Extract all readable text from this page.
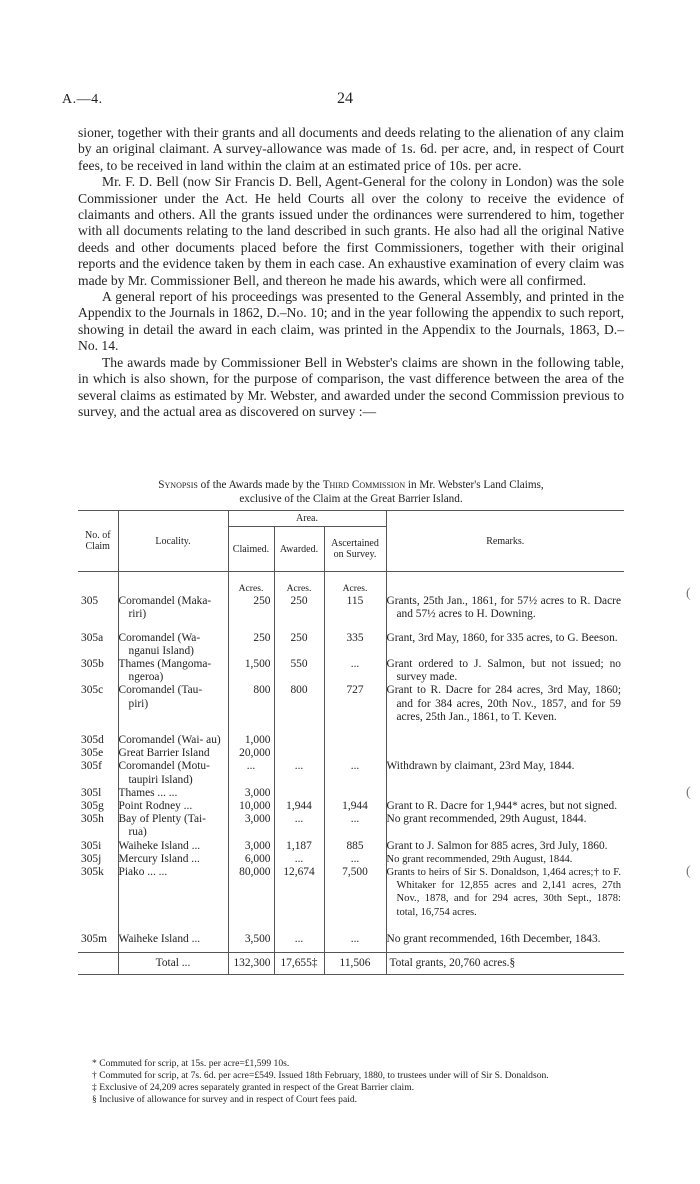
A.—4.	24

sioner, together with their grants and all documents and deeds relating to the alienation of any claim by an original claimant. A survey-allowance was made of 1s. 6d. per acre, and, in respect of Court fees, to be received in land within the claim at an estimated price of 10s. per acre.

Mr. F. D. Bell (now Sir Francis D. Bell, Agent-General for the colony in London) was the sole Commissioner under the Act. He held Courts all over the colony to receive the evidence of claimants and others. All the grants issued under the ordinances were surrendered to him, together with all documents relating to the land described in such grants. He also had all the original Native deeds and other documents placed before the first Commissioners, together with their original reports and the evidence taken by them in each case. An exhaustive examination of every claim was made by Mr. Commissioner Bell, and thereon he made his awards, which were all confirmed.

A general report of his proceedings was presented to the General Assembly, and printed in the Appendix to the Journals in 1862, D.–No. 10; and in the year following the appendix to such report, showing in detail the award in each claim, was printed in the Appendix to the Journals, 1863, D.–No. 14.

The awards made by Commissioner Bell in Webster's claims are shown in the following table, in which is also shown, for the purpose of comparison, the vast difference between the area of the several claims as estimated by Mr. Webster, and awarded under the second Commission previous to survey, and the actual area as discovered on survey :—

Synopsis of the Awards made by the Third Commission in Mr. Webster's Land Claims,
exclusive of the Claim at the Great Barrier Island.
No. of Claim	Locality.	Area.			Remarks.
		Claimed.	Awarded.	Ascertained on Survey.	
		Acres.	Acres.	Acres.	
305	Coromandel (Maka- riri)	250	250	115	Grants, 25th Jan., 1861, for 57½ acres to R. Dacre and 57½ acres to H. Downing.
305a	Coromandel (Wa- nganui Island)	250	250	335	Grant, 3rd May, 1860, for 335 acres, to G. Beeson.
305b	Thames (Mangoma- ngeroa)	1,500	550	...	Grant ordered to J. Salmon, but not issued; no survey made.
305c	Coromandel (Tau- piri)	800	800	727	Grant to R. Dacre for 284 acres, 3rd May, 1860; and for 384 acres, 20th Nov., 1857, and for 59 acres, 25th Jan., 1861, to T. Keven.
305d	Coromandel (Wai- au)	1,000			
305e	Great Barrier Island	20,000			
305f	Coromandel (Motu- taupiri Island)	...	...	...	Withdrawn by claimant, 23rd May, 1844.
305l	Thames ... ...	3,000			
305g	Point Rodney ...	10,000	1,944	1,944	Grant to R. Dacre for 1,944* acres, but not signed.
305h	Bay of Plenty (Tai- rua)	3,000	...	...	No grant recommended, 29th August, 1844.
305i	Waiheke Island ...	3,000	1,187	885	Grant to J. Salmon for 885 acres, 3rd July, 1860.
305j	Mercury Island ...	6,000	...	...	No grant recommended, 29th August, 1844.
305k	Piako ... ...	80,000	12,674	7,500	Grants to heirs of Sir S. Donaldson, 1,464 acres;† to F. Whitaker for 12,855 acres and 2,141 acres, 27th Nov., 1878, and for 294 acres, 30th Sept., 1878: total, 16,754 acres.
305m	Waiheke Island ...	3,500	...	...	No grant recommended, 16th December, 1843.
	Total ...	132,300	17,655‡	11,506	Total grants, 20,760 acres.§
* Commuted for scrip, at 15s. per acre=£1,599 10s.
† Commuted for scrip, at 7s. 6d. per acre=£549. Issued 18th February, 1880, to trustees under will of Sir S. Donaldson.
‡ Exclusive of 24,209 acres separately granted in respect of the Great Barrier claim.
§ Inclusive of allowance for survey and in respect of Court fees paid.
(
(
(
